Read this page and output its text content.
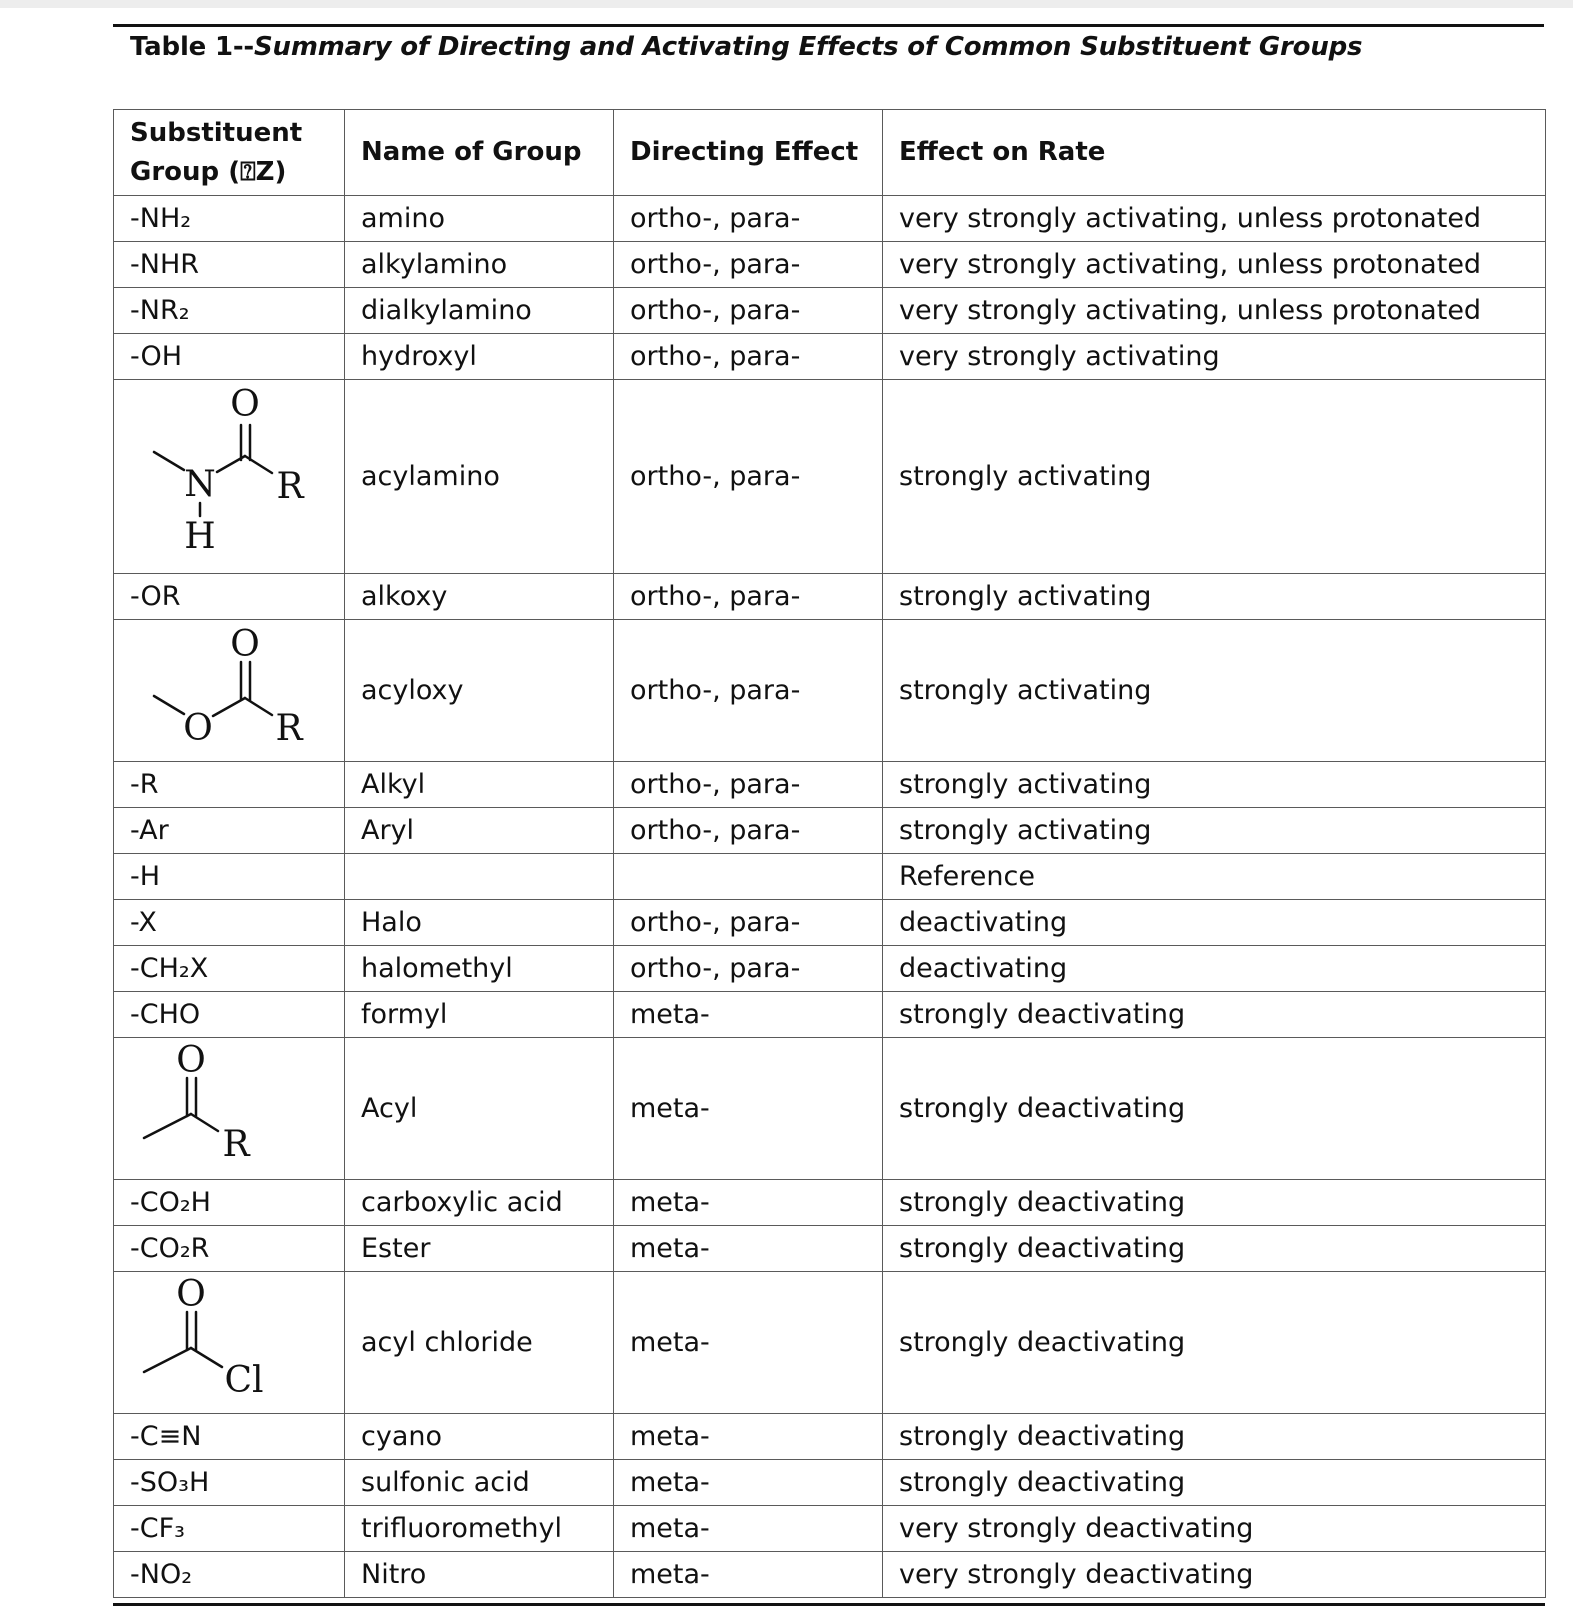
Table 1--Summary of Directing and Activating Effects of Common Substituent Groups
Substituent
Group (⍰Z)	Name of Group	Directing Effect	Effect on Rate
-NH₂	amino	ortho-, para-	very strongly activating, unless protonated
-NHR	alkylamino	ortho-, para-	very strongly activating, unless protonated
-NR₂	dialkylamino	ortho-, para-	very strongly activating, unless protonated
-OH	hydroxyl	ortho-, para-	very strongly activating

O
N
H
R	acylamino	ortho-, para-	strongly activating
-OR	alkoxy	ortho-, para-	strongly activating

O
O R	acyloxy	ortho-, para-	strongly activating
-R	Alkyl	ortho-, para-	strongly activating
-Ar	Aryl	ortho-, para-	strongly activating
-H			Reference
-X	Halo	ortho-, para-	deactivating
-CH₂X	halomethyl	ortho-, para-	deactivating
-CHO	formyl	meta-	strongly deactivating

O
R	Acyl	meta-	strongly deactivating
-CO₂H	carboxylic acid	meta-	strongly deactivating
-CO₂R	Ester	meta-	strongly deactivating

O
Cl	acyl chloride	meta-	strongly deactivating
-C≡N	cyano	meta-	strongly deactivating
-SO₃H	sulfonic acid	meta-	strongly deactivating
-CF₃	trifluoromethyl	meta-	very strongly deactivating
-NO₂	Nitro	meta-	very strongly deactivating
